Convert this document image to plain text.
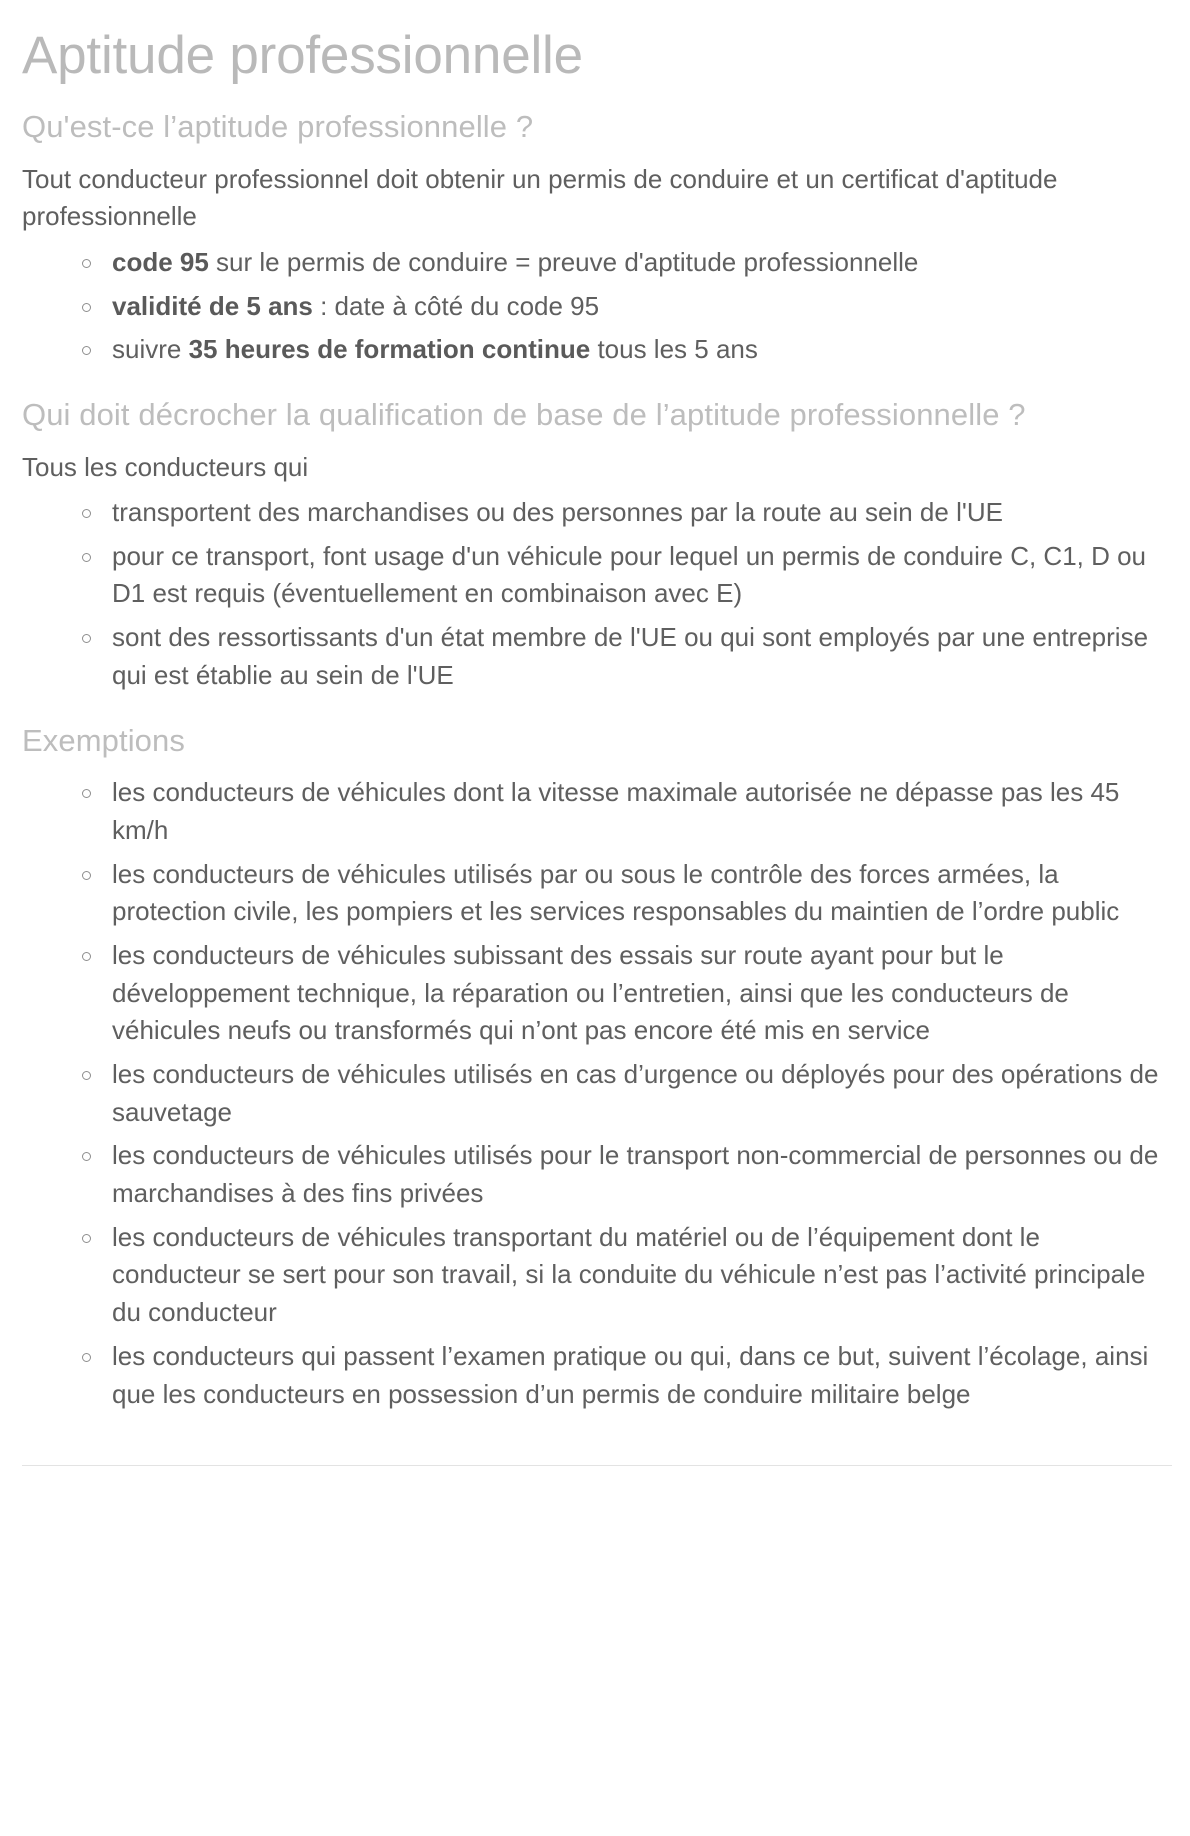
Aptitude professionnelle
Qu'est-ce l’aptitude professionnelle ?

Tout conducteur professionnel doit obtenir un permis de conduire et un certificat d'aptitude professionnelle

code 95 sur le permis de conduire = preuve d'aptitude professionnelle
validité de 5 ans : date à côté du code 95
suivre 35 heures de formation continue tous les 5 ans
Qui doit décrocher la qualification de base de l’aptitude professionnelle ?

Tous les conducteurs qui

transportent des marchandises ou des personnes par la route au sein de l'UE
pour ce transport, font usage d'un véhicule pour lequel un permis de conduire C, C1, D ou D1 est requis (éventuellement en combinaison avec E)
sont des ressortissants d'un état membre de l'UE ou qui sont employés par une entreprise qui est établie au sein de l'UE
Exemptions
les conducteurs de véhicules dont la vitesse maximale autorisée ne dépasse pas les 45 km/h
les conducteurs de véhicules utilisés par ou sous le contrôle des forces armées, la protection civile, les pompiers et les services responsables du maintien de l’ordre public
les conducteurs de véhicules subissant des essais sur route ayant pour but le développement technique, la réparation ou l’entretien, ainsi que les conducteurs de véhicules neufs ou transformés qui n’ont pas encore été mis en service
les conducteurs de véhicules utilisés en cas d’urgence ou déployés pour des opérations de sauvetage
les conducteurs de véhicules utilisés pour le transport non-commercial de personnes ou de marchandises à des fins privées
les conducteurs de véhicules transportant du matériel ou de l’équipement dont le conducteur se sert pour son travail, si la conduite du véhicule n’est pas l’activité principale du conducteur
les conducteurs qui passent l’examen pratique ou qui, dans ce but, suivent l’écolage, ainsi que les conducteurs en possession d’un permis de conduire militaire belge
